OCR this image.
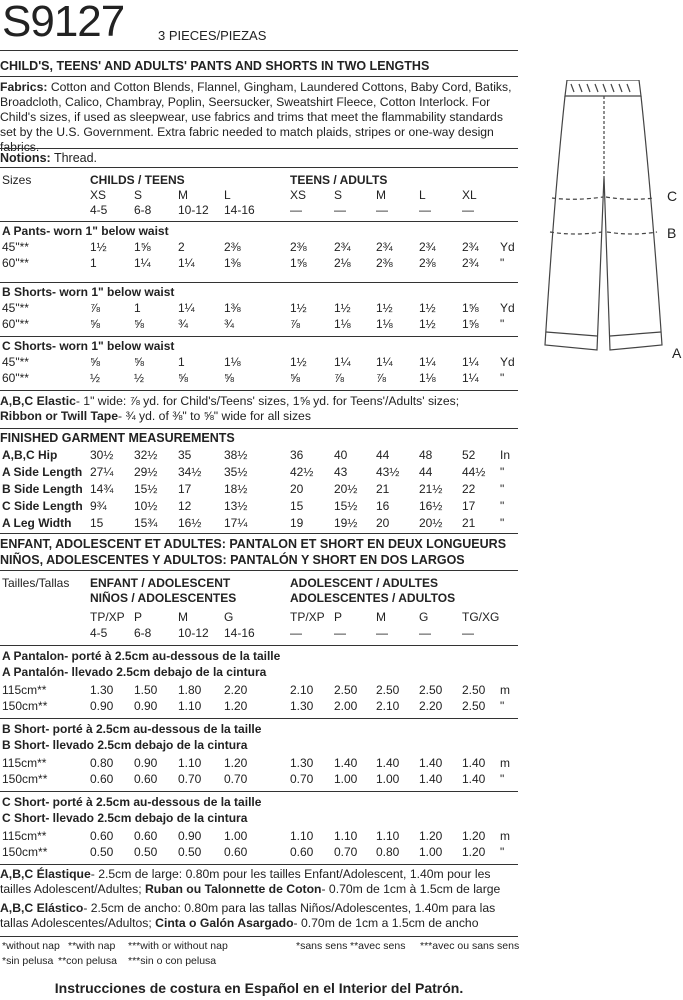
S9127	3 PIECES/PIEZAS
CHILD'S, TEENS' AND ADULTS' PANTS AND SHORTS IN TWO LENGTHS
Fabrics: Cotton and Cotton Blends, Flannel, Gingham, Laundered Cottons, Baby Cord, Batiks, Broadcloth, Calico, Chambray, Poplin, Seersucker, Sweatshirt Fleece, Cotton Interlock. For Child's sizes, if used as sleepwear, use fabrics and trims that meet the flammability standards set by the U.S. Government. Extra fabric needed to match plaids, stripes or one-way design fabrics.
Notions: Thread.
Sizes	CHILDS / TEENS	TEENS / ADULTS
XS S	M	L	XS S	M	L	XL
4-5 6-8 10-12 14-16	—	—	—	—	—
A Pants- worn 1" below waist
45"**	1½ 1⅝ 2	2⅜	2⅜ 2¾ 2¾ 2¾ 2¾ Yd
60"**	1	1¼ 1¼ 1⅜	1⅝ 2⅛ 2⅜ 2⅜ 2¾ "
B Shorts- worn 1" below waist
45"**	⅞	1	1¼ 1⅜	1½ 1½ 1½ 1½ 1⅝ Yd
60"**	⅝	⅝	¾	¾	⅞	1⅛ 1⅛ 1½ 1⅝ "
C Shorts- worn 1" below waist
45"**	⅝	⅝	1	1⅛	1½ 1¼ 1¼ 1¼ 1¼ Yd
60"**	½	½	⅝	⅝	⅝	⅞	⅞	1⅛ 1¼ "
A,B,C Elastic- 1" wide: ⅞ yd. for Child's/Teens' sizes, 1⅝ yd. for Teens'/Adults' sizes;
Ribbon or Twill Tape- ¾ yd. of ⅜" to ⅝" wide for all sizes
FINISHED GARMENT MEASUREMENTS
A,B,C Hip	30½ 32½ 35	38½	36	40 44 48 52 In
A Side Length 27¼ 29½ 34½ 35½	42½ 43 43½ 44 44½ "
B Side Length 14¾ 15½ 17	18½	20	20½ 21 21½ 22 "
C Side Length 9¾ 10½ 12	13½	15	15½ 16 16½ 17 "
A Leg Width 15	15¾ 16½ 17¼	19	19½ 20 20½ 21 "
ENFANT, ADOLESCENT ET ADULTES: PANTALON ET SHORT EN DEUX LONGUEURS
NIÑOS, ADOLESCENTES Y ADULTOS: PANTALÓN Y SHORT EN DOS LARGOS
Tailles/Tallas ENFANT / ADOLESCENT
NIÑOS / ADOLESCENTES
ADOLESCENT / ADULTES
ADOLESCENTES / ADULTOS
TP/XP P	M	G	TP/XP P	M	G	TG/XG
4-5 6-8 10-12 14-16	—	—	—	—	—
A Pantalon- porté à 2.5cm au-dessous de la taille
A Pantalón- llevado 2.5cm debajo de la cintura
115cm**	1.30 1.50 1.80 2.20	2.10 2.50 2.50 2.50 2.50 m
150cm**	0.90 0.90 1.10 1.20	1.30 2.00 2.10 2.20 2.50 "
B Short- porté à 2.5cm au-dessous de la taille
B Short- llevado 2.5cm debajo de la cintura
115cm**	0.80 0.90 1.10 1.20	1.30 1.40 1.40 1.40 1.40 m
150cm**	0.60 0.60 0.70 0.70	0.70 1.00 1.00 1.40 1.40 "
C Short- porté à 2.5cm au-dessous de la taille
C Short- llevado 2.5cm debajo de la cintura
115cm**	0.60 0.60 0.90 1.00	1.10 1.10 1.10 1.20 1.20 m
150cm**	0.50 0.50 0.50 0.60	0.60 0.70 0.80 1.00 1.20 "
A,B,C Élastique- 2.5cm de large: 0.80m pour les tailles Enfant/Adolescent, 1.40m pour les tailles Adolescent/Adultes; Ruban ou Talonnette de Coton- 0.70m de 1cm à 1.5cm de large
A,B,C Elástico- 2.5cm de ancho: 0.80m para las tallas Niños/Adolescentes, 1.40m para las tallas Adolescentes/Adultos; Cinta o Galón Asargado- 0.70m de 1cm a 1.5cm de ancho
*without nap **with nap ***with or without nap	*sans sens **avec sens ***avec ou sans sens
*sin pelusa **con pelusa ***sin o con pelusa
Instrucciones de costura en Español en el Interior del Patrón.
C
B
A
